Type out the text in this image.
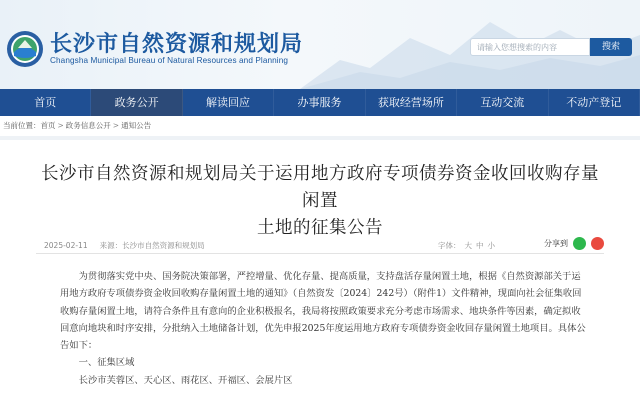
长沙市自然资源和规划局
Changsha Municipal Bureau of Natural Resources and Planning
请输入您想搜索的内容	搜索
首页	政务公开	解读回应	办事服务	获取经营场所	互动交流	不动产登记
当前位置：首页 > 政务信息公开 > 通知公告
长沙市自然资源和规划局关于运用地方政府专项债券资金收回收购存量闲置
土地的征集公告
2025-02-11 来源：长沙市自然资源和规划局	字体： 大 中 小	分享到
为贯彻落实党中央、国务院决策部署，严控增量、优化存量、提高质量，支持盘活存量闲置土地，根据《自然资源部关于运
用地方政府专项债券资金收回收购存量闲置土地的通知》（自然资发〔2024〕242号）（附件1）文件精神，现面向社会征集收回
收购存量闲置土地，请符合条件且有意向的企业积极报名，我局将按照政策要求充分考虑市场需求、地块条件等因素，确定拟收
回意向地块和时序安排，分批纳入土地储备计划，优先申报2025年度运用地方政府专项债券资金收回存量闲置土地项目。具体公
告如下：
一、征集区域
长沙市芙蓉区、天心区、雨花区、开福区、会展片区
